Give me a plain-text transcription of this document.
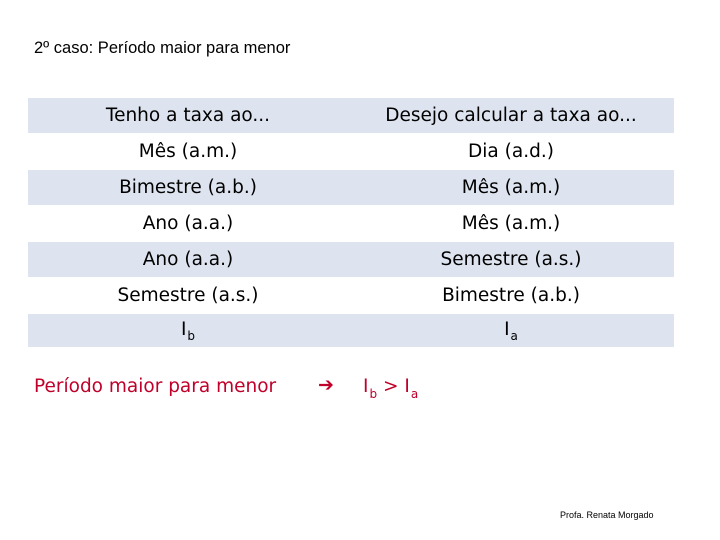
2º caso: Período maior para menor
Tenho a taxa ao...	Desejo calcular a taxa ao...
Mês (a.m.)	Dia (a.d.)
Bimestre (a.b.)	Mês (a.m.)
Ano (a.a.)	Mês (a.m.)
Ano (a.a.)	Semestre (a.s.)
Semestre (a.s.)	Bimestre (a.b.)
$I_b$	$I_a$
Período maior para menor ➔ $I_b > I_a$
Profa. Renata Morgado
